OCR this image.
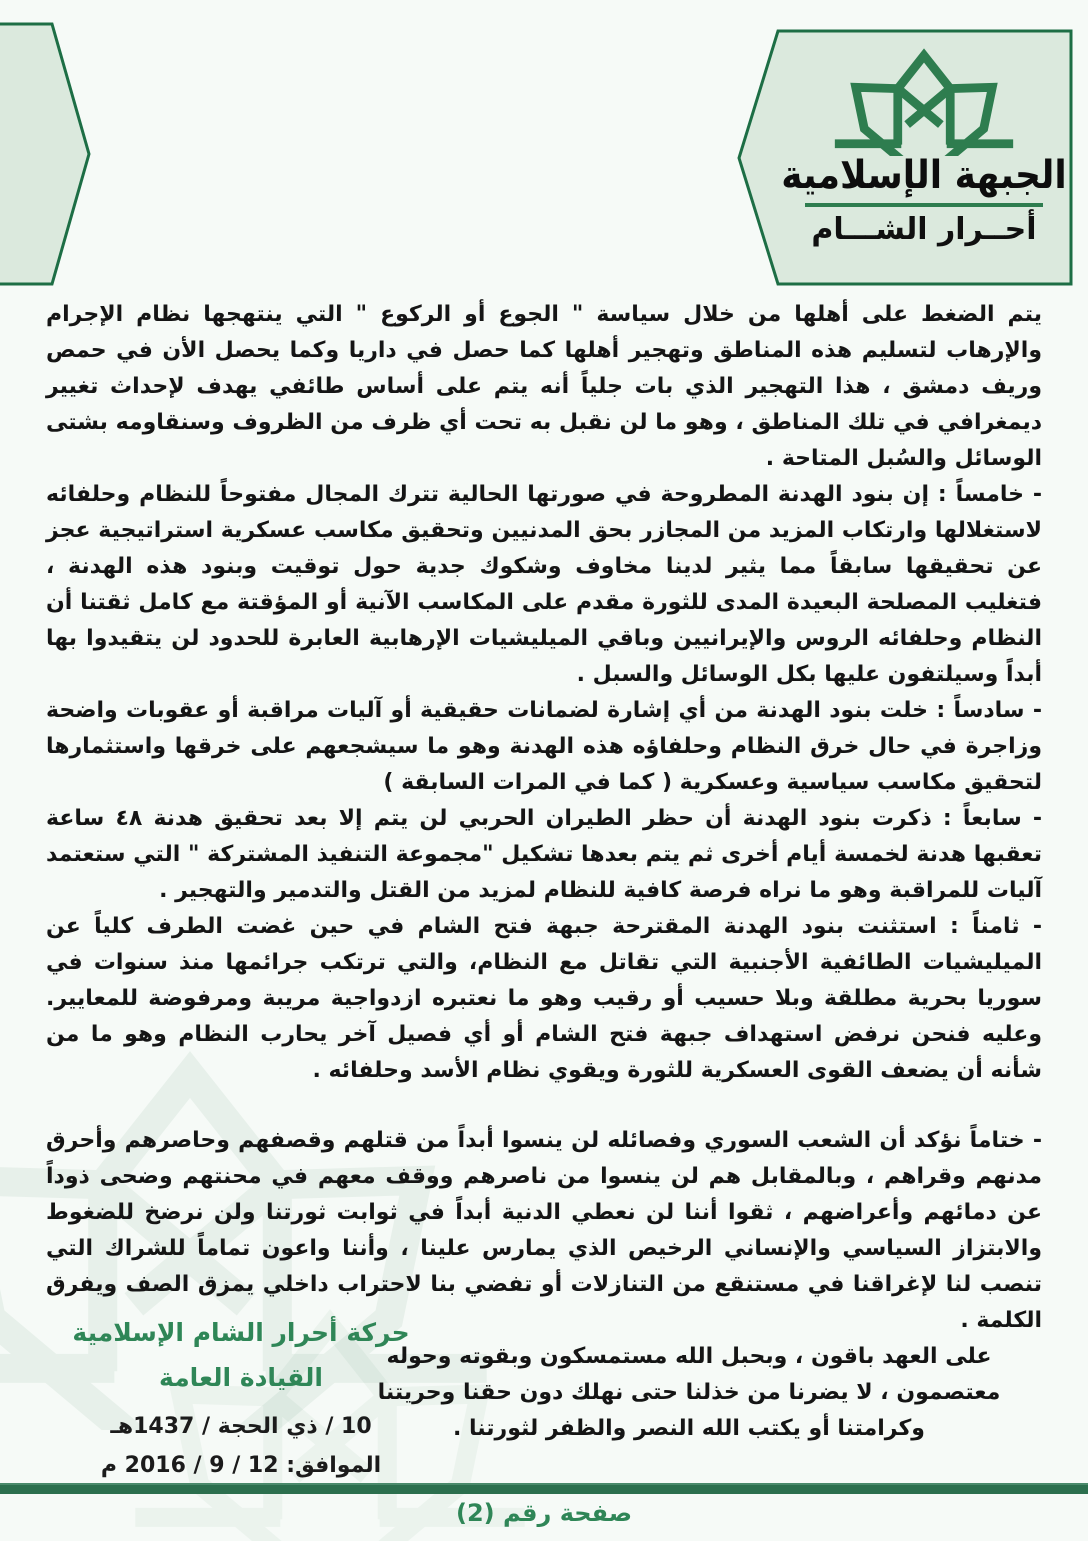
الجبهة الإسلامية
أحــرار الشـــام

يتم الضغط على أهلها من خلال سياسة " الجوع أو الركوع " التي ينتهجها نظام الإجرام والإرهاب لتسليم هذه المناطق وتهجير أهلها كما حصل في داريا وكما يحصل الأن في حمص وريف دمشق ، هذا التهجير الذي بات جلياً أنه يتم على أساس طائفي يهدف لإحداث تغيير ديمغرافي في تلك المناطق ، وهو ما لن نقبل به تحت أي ظرف من الظروف وسنقاومه بشتى الوسائل والسُبل المتاحة .

- خامساً : إن بنود الهدنة المطروحة في صورتها الحالية تترك المجال مفتوحاً للنظام وحلفائه لاستغلالها وارتكاب المزيد من المجازر بحق المدنيين وتحقيق مكاسب عسكرية استراتيجية عجز عن تحقيقها سابقاً مما يثير لدينا مخاوف وشكوك جدية حول توقيت وبنود هذه الهدنة ، فتغليب المصلحة البعيدة المدى للثورة مقدم على المكاسب الآنية أو المؤقتة مع كامل ثقتنا أن النظام وحلفائه الروس والإيرانيين وباقي الميليشيات الإرهابية العابرة للحدود لن يتقيدوا بها أبداً وسيلتفون عليها بكل الوسائل والسبل .

- سادساً : خلت بنود الهدنة من أي إشارة لضمانات حقيقية أو آليات مراقبة أو عقوبات واضحة وزاجرة في حال خرق النظام وحلفاؤه هذه الهدنة وهو ما سيشجعهم على خرقها واستثمارها لتحقيق مكاسب سياسية وعسكرية ( كما في المرات السابقة )

- سابعاً : ذكرت بنود الهدنة أن حظر الطيران الحربي لن يتم إلا بعد تحقيق هدنة ٤٨ ساعة تعقبها هدنة لخمسة أيام أخرى ثم يتم بعدها تشكيل "مجموعة التنفيذ المشتركة " التي ستعتمد آليات للمراقبة وهو ما نراه فرصة كافية للنظام لمزيد من القتل والتدمير والتهجير .

- ثامناً : استثنت بنود الهدنة المقترحة جبهة فتح الشام في حين غضت الطرف كلياً عن الميليشيات الطائفية الأجنبية التي تقاتل مع النظام، والتي ترتكب جرائمها منذ سنوات في سوريا بحرية مطلقة وبلا حسيب أو رقيب وهو ما نعتبره ازدواجية مريبة ومرفوضة للمعايير. وعليه فنحن نرفض استهداف جبهة فتح الشام أو أي فصيل آخر يحارب النظام وهو ما من شأنه أن يضعف القوى العسكرية للثورة ويقوي نظام الأسد وحلفائه .

- ختاماً نؤكد أن الشعب السوري وفصائله لن ينسوا أبداً من قتلهم وقصفهم وحاصرهم وأحرق مدنهم وقراهم ، وبالمقابل هم لن ينسوا من ناصرهم ووقف معهم في محنتهم وضحى ذوداً عن دمائهم وأعراضهم ، ثقوا أننا لن نعطي الدنية أبداً في ثوابت ثورتنا ولن نرضخ للضغوط والابتزاز السياسي والإنساني الرخيص الذي يمارس علينا ، وأننا واعون تماماً للشراك التي تنصب لنا لإغراقنا في مستنقع من التنازلات أو تفضي بنا لاحتراب داخلي يمزق الصف ويفرق الكلمة .

على العهد باقون ، وبحبل الله مستمسكون وبقوته وحوله معتصمون ، لا يضرنا من خذلنا حتى نهلك دون حقنا وحريتنا وكرامتنا أو يكتب الله النصر والظفر لثورتنا .

حركة أحرار الشام الإسلامية
القيادة العامة
10 / ذي الحجة / 1437هـ
الموافق: 12 / 9 / 2016 م
صفحة رقم (2)
